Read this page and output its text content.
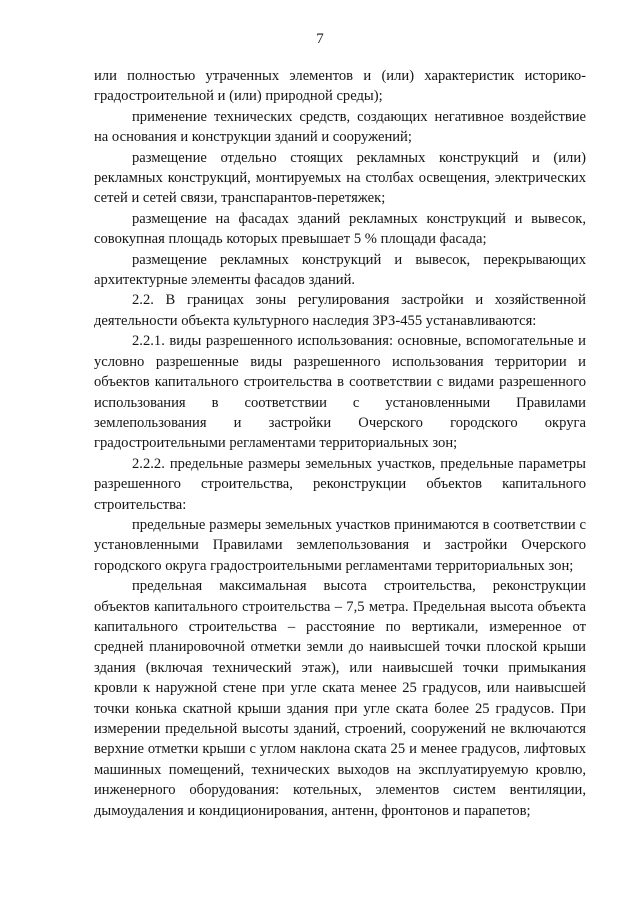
7

или полностью утраченных элементов и (или) характеристик историко-градостроительной и (или) природной среды);

применение технических средств, создающих негативное воздействие на основания и конструкции зданий и сооружений;

размещение отдельно стоящих рекламных конструкций и (или) рекламных конструкций, монтируемых на столбах освещения, электрических сетей и сетей связи, транспарантов-перетяжек;

размещение на фасадах зданий рекламных конструкций и вывесок, совокупная площадь которых превышает 5 % площади фасада;

размещение рекламных конструкций и вывесок, перекрывающих архитектурные элементы фасадов зданий.

2.2. В границах зоны регулирования застройки и хозяйственной деятельности объекта культурного наследия ЗРЗ-455 устанавливаются:

2.2.1. виды разрешенного использования: основные, вспомогательные и условно разрешенные виды разрешенного использования территории и объектов капитального строительства в соответствии с видами разрешенного использования в соответствии с установленными Правилами землепользования и застройки Очерского городского округа градостроительными регламентами территориальных зон;

2.2.2. предельные размеры земельных участков, предельные параметры разрешенного строительства, реконструкции объектов капитального строительства:

предельные размеры земельных участков принимаются в соответствии с установленными Правилами землепользования и застройки Очерского городского округа градостроительными регламентами территориальных зон;

предельная максимальная высота строительства, реконструкции объектов капитального строительства – 7,5 метра. Предельная высота объекта капитального строительства – расстояние по вертикали, измеренное от средней планировочной отметки земли до наивысшей точки плоской крыши здания (включая технический этаж), или наивысшей точки примыкания кровли к наружной стене при угле ската менее 25 градусов, или наивысшей точки конька скатной крыши здания при угле ската более 25 градусов. При измерении предельной высоты зданий, строений, сооружений не включаются верхние отметки крыши с углом наклона ската 25 и менее градусов, лифтовых машинных помещений, технических выходов на эксплуатируемую кровлю, инженерного оборудования: котельных, элементов систем вентиляции, дымоудаления и кондиционирования, антенн, фронтонов и парапетов;
